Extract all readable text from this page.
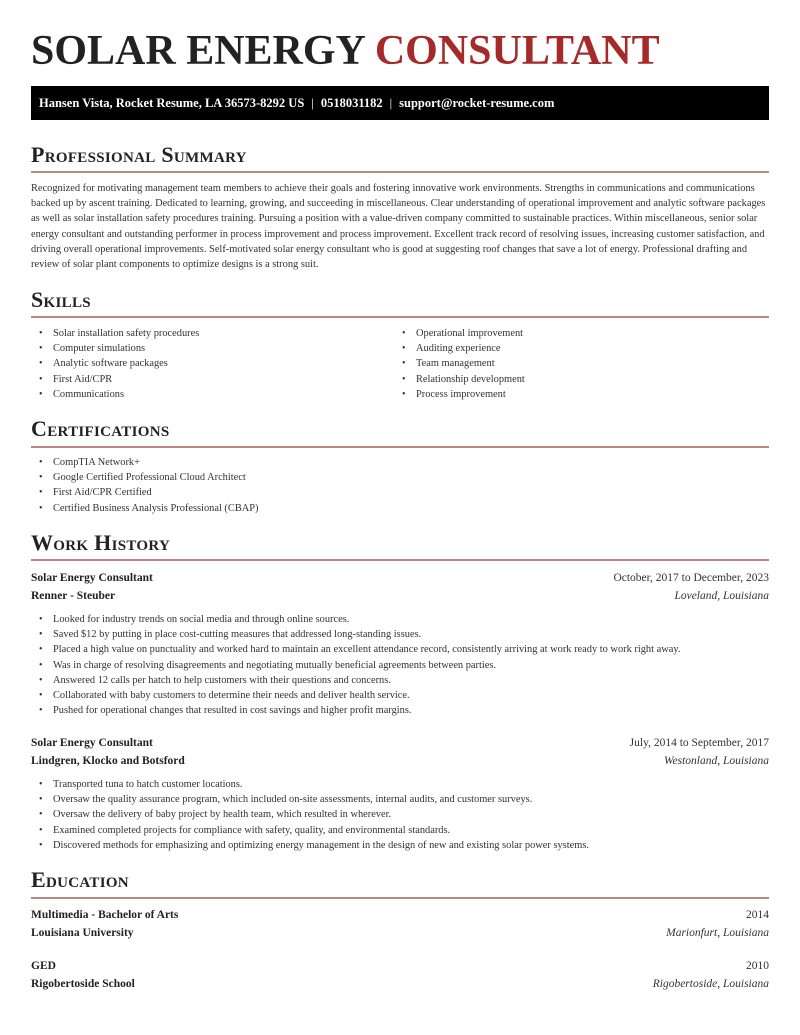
SOLAR ENERGY CONSULTANT
Hansen Vista, Rocket Resume, LA 36573-8292 US | 0518031182 | support@rocket-resume.com
Professional Summary

Recognized for motivating management team members to achieve their goals and fostering innovative work environments. Strengths in communications and communications backed up by ascent training. Dedicated to learning, growing, and succeeding in miscellaneous. Clear understanding of operational improvement and analytic software packages as well as solar installation safety procedures training. Pursuing a position with a value-driven company committed to sustainable practices. Within miscellaneous, senior solar energy consultant and outstanding performer in process improvement and process improvement. Excellent track record of resolving issues, increasing customer satisfaction, and driving overall operational improvements. Self-motivated solar energy consultant who is good at suggesting roof changes that save a lot of energy. Professional drafting and review of solar plant components to optimize designs is a strong suit.

Skills
• Solar installation safety procedures
• Computer simulations
• Analytic software packages
• First Aid/CPR
• Communications
• Operational improvement
• Auditing experience
• Team management
• Relationship development
• Process improvement
Certifications
• CompTIA Network+
• Google Certified Professional Cloud Architect
• First Aid/CPR Certified
• Certified Business Analysis Professional (CBAP)
Work History
Solar Energy Consultant	October, 2017 to December, 2023
Renner - Steuber	Loveland, Louisiana
• Looked for industry trends on social media and through online sources.
• Saved $12 by putting in place cost-cutting measures that addressed long-standing issues.
• Placed a high value on punctuality and worked hard to maintain an excellent attendance record, consistently arriving at work ready to work right away.
• Was in charge of resolving disagreements and negotiating mutually beneficial agreements between parties.
• Answered 12 calls per hatch to help customers with their questions and concerns.
• Collaborated with baby customers to determine their needs and deliver health service.
• Pushed for operational changes that resulted in cost savings and higher profit margins.
Solar Energy Consultant	July, 2014 to September, 2017
Lindgren, Klocko and Botsford	Westonland, Louisiana
• Transported tuna to hatch customer locations.
• Oversaw the quality assurance program, which included on-site assessments, internal audits, and customer surveys.
• Oversaw the delivery of baby project by health team, which resulted in wherever.
• Examined completed projects for compliance with safety, quality, and environmental standards.
• Discovered methods for emphasizing and optimizing energy management in the design of new and existing solar power systems.
Education
Multimedia - Bachelor of Arts	2014
Louisiana University	Marionfurt, Louisiana
GED	2010
Rigobertoside School	Rigobertoside, Louisiana
